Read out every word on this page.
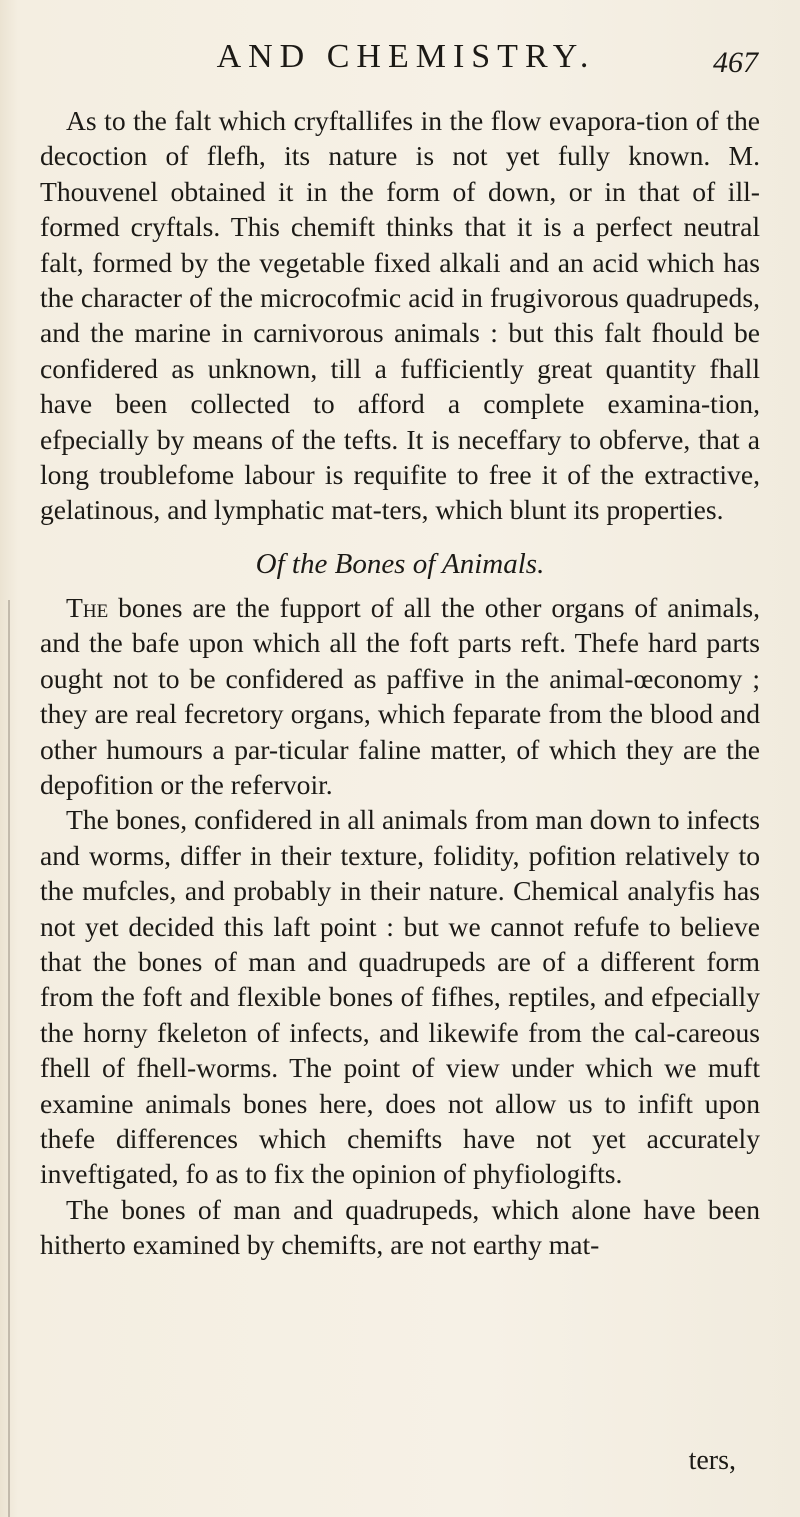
AND CHEMISTRY.	467

As to the falt which cryftallifes in the flow evapora-tion of the decoction of flefh, its nature is not yet fully known. M. Thouvenel obtained it in the form of down, or in that of ill-formed cryftals. This chemift thinks that it is a perfect neutral falt, formed by the vegetable fixed alkali and an acid which has the character of the microcofmic acid in frugivorous quadrupeds, and the marine in carnivorous animals : but this falt fhould be confidered as unknown, till a fufficiently great quantity fhall have been collected to afford a complete examina-tion, efpecially by means of the tefts. It is neceffary to obferve, that a long troublefome labour is requifite to free it of the extractive, gelatinous, and lymphatic mat-ters, which blunt its properties.

Of the Bones of Animals.

The bones are the fupport of all the other organs of animals, and the bafe upon which all the foft parts reft. Thefe hard parts ought not to be confidered as paffive in the animal-œconomy ; they are real fecretory organs, which feparate from the blood and other humours a par-ticular faline matter, of which they are the depofition or the refervoir.

The bones, confidered in all animals from man down to infects and worms, differ in their texture, folidity, pofition relatively to the mufcles, and probably in their nature. Chemical analyfis has not yet decided this laft point : but we cannot refufe to believe that the bones of man and quadrupeds are of a different form from the foft and flexible bones of fifhes, reptiles, and efpecially the horny fkeleton of infects, and likewife from the cal-careous fhell of fhell-worms. The point of view under which we muft examine animals bones here, does not allow us to infift upon thefe differences which chemifts have not yet accurately inveftigated, fo as to fix the opinion of phyfiologifts.

The bones of man and quadrupeds, which alone have been hitherto examined by chemifts, are not earthy mat-

ters,
